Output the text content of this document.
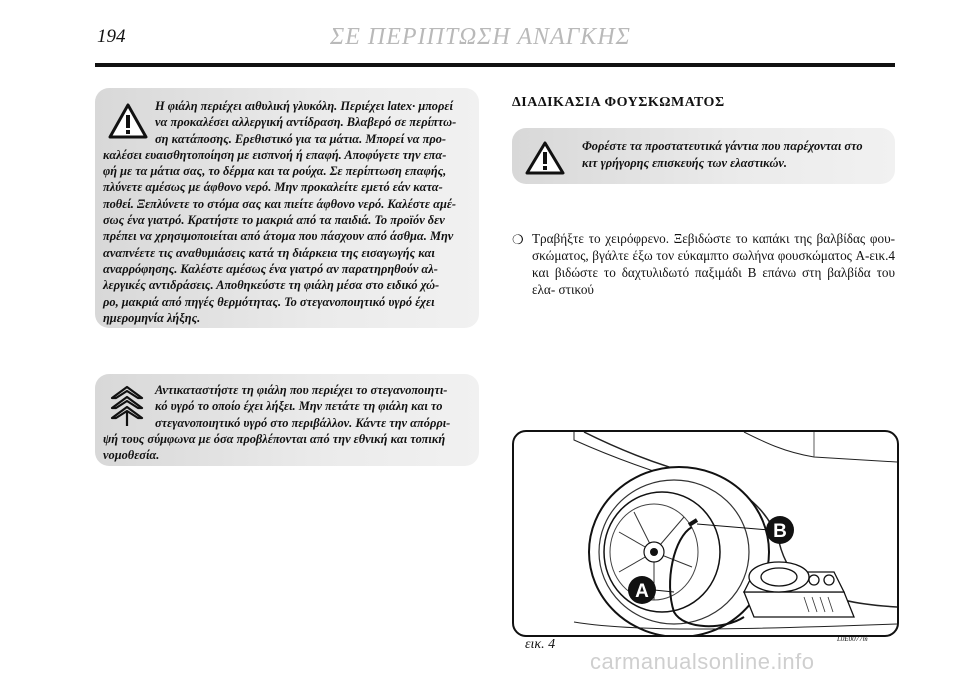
194	ΣΕ ΠΕΡΙΠΤΩΣΗ ΑΝΑΓΚΗΣ
Η φιάλη περιέχει αιθυλική γλυκόλη. Περιέχει latex· μπορεί
να προκαλέσει αλλεργική αντίδραση. Βλαβερό σε περίπτω-
ση κατάποσης. Ερεθιστικό για τα μάτια. Μπορεί να προ-
καλέσει ευαισθητοποίηση με εισπνοή ή επαφή. Αποφύγετε την επα-
φή με τα μάτια σας, το δέρμα και τα ρούχα. Σε περίπτωση επαφής,
πλύνετε αμέσως με άφθονο νερό. Μην προκαλείτε εμετό εάν κατα-
ποθεί. Ξεπλύνετε το στόμα σας και πιείτε άφθονο νερό. Καλέστε αμέ-
σως ένα γιατρό. Κρατήστε το μακριά από τα παιδιά. Το προϊόν δεν
πρέπει να χρησιμοποιείται από άτομα που πάσχουν από άσθμα. Μην
αναπνέετε τις αναθυμιάσεις κατά τη διάρκεια της εισαγωγής και
αναρρόφησης. Καλέστε αμέσως ένα γιατρό αν παρατηρηθούν αλ-
λεργικές αντιδράσεις. Αποθηκεύστε τη φιάλη μέσα στο ειδικό χώ-
ρο, μακριά από πηγές θερμότητας. Το στεγανοποιητικό υγρό έχει
ημερομηνία λήξης.
Αντικαταστήστε τη φιάλη που περιέχει το στεγανοποιητι-
κό υγρό το οποίο έχει λήξει. Μην πετάτε τη φιάλη και το
στεγανοποιητικό υγρό στο περιβάλλον. Κάντε την απόρρι-
ψή τους σύμφωνα με όσα προβλέπονται από την εθνική και τοπική
νομοθεσία.
ΔΙΑΔΙΚΑΣΙΑ ΦΟΥΣΚΩΜΑΤΟΣ
Φορέστε τα προστατευτικά γάντια που παρέχονται στο
κιτ γρήγορης επισκευής των ελαστικών.
❍ Τραβήξτε το χειρόφρενο. Ξεβιδώστε το καπάκι της βαλβίδας φου- σκώματος, βγάλτε έξω τον εύκαμπτο σωλήνα φουσκώματος A-εικ.4 και βιδώστε το δαχτυλιδωτό παξιμάδι B επάνω στη βαλβίδα του ελα- στικού
B
A
L0E0077m
εικ. 4
carmanualsonline.info
